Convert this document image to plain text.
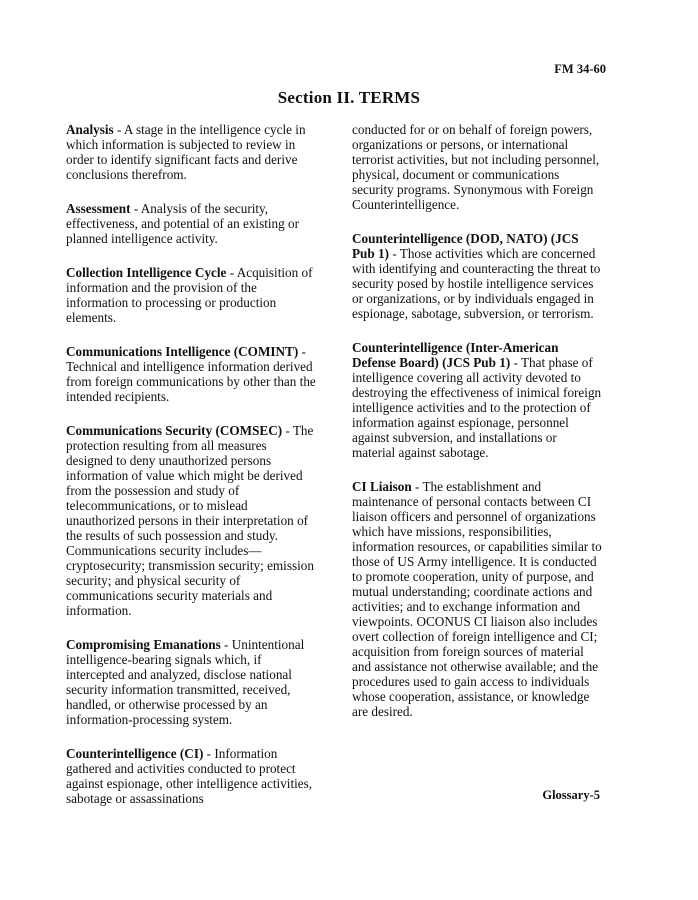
FM 34-60
Section II. TERMS

Analysis - A stage in the intelligence cycle in which information is subjected to review in order to identify significant facts and derive conclusions therefrom.

Assessment - Analysis of the security, effectiveness, and potential of an existing or planned intelligence activity.

Collection Intelligence Cycle - Acquisition of information and the provision of the information to processing or production elements.

Communications Intelligence (COMINT) - Technical and intelligence information derived from foreign communications by other than the intended recipients.

Communications Security (COMSEC) - The protection resulting from all measures designed to deny unauthorized persons information of value which might be derived from the possession and study of telecommunications, or to mislead unauthorized persons in their interpretation of the results of such possession and study. Communications security includes—cryptosecurity; transmission security; emission security; and physical security of communications security materials and information.

Compromising Emanations - Unintentional intelligence-bearing signals which, if intercepted and analyzed, disclose national security information transmitted, received, handled, or otherwise processed by an information-processing system.

Counterintelligence (CI) - Information gathered and activities conducted to protect against espionage, other intelligence activities, sabotage or assassinations

conducted for or on behalf of foreign powers, organizations or persons, or international terrorist activities, but not including personnel, physical, document or communications security programs. Synonymous with Foreign Counterintelligence.

Counterintelligence (DOD, NATO) (JCS Pub 1) - Those activities which are concerned with identifying and counteracting the threat to security posed by hostile intelligence services or organizations, or by individuals engaged in espionage, sabotage, subversion, or terrorism.

Counterintelligence (Inter-American Defense Board) (JCS Pub 1) - That phase of intelligence covering all activity devoted to destroying the effectiveness of inimical foreign intelligence activities and to the protection of information against espionage, personnel against subversion, and installations or material against sabotage.

CI Liaison - The establishment and maintenance of personal contacts between CI liaison officers and personnel of organizations which have missions, responsibilities, information resources, or capabilities similar to those of US Army intelligence. It is conducted to promote cooperation, unity of purpose, and mutual understanding; coordinate actions and activities; and to exchange information and viewpoints. OCONUS CI liaison also includes overt collection of foreign intelligence and CI; acquisition from foreign sources of material and assistance not otherwise available; and the procedures used to gain access to individuals whose cooperation, assistance, or knowledge are desired.

Glossary-5
